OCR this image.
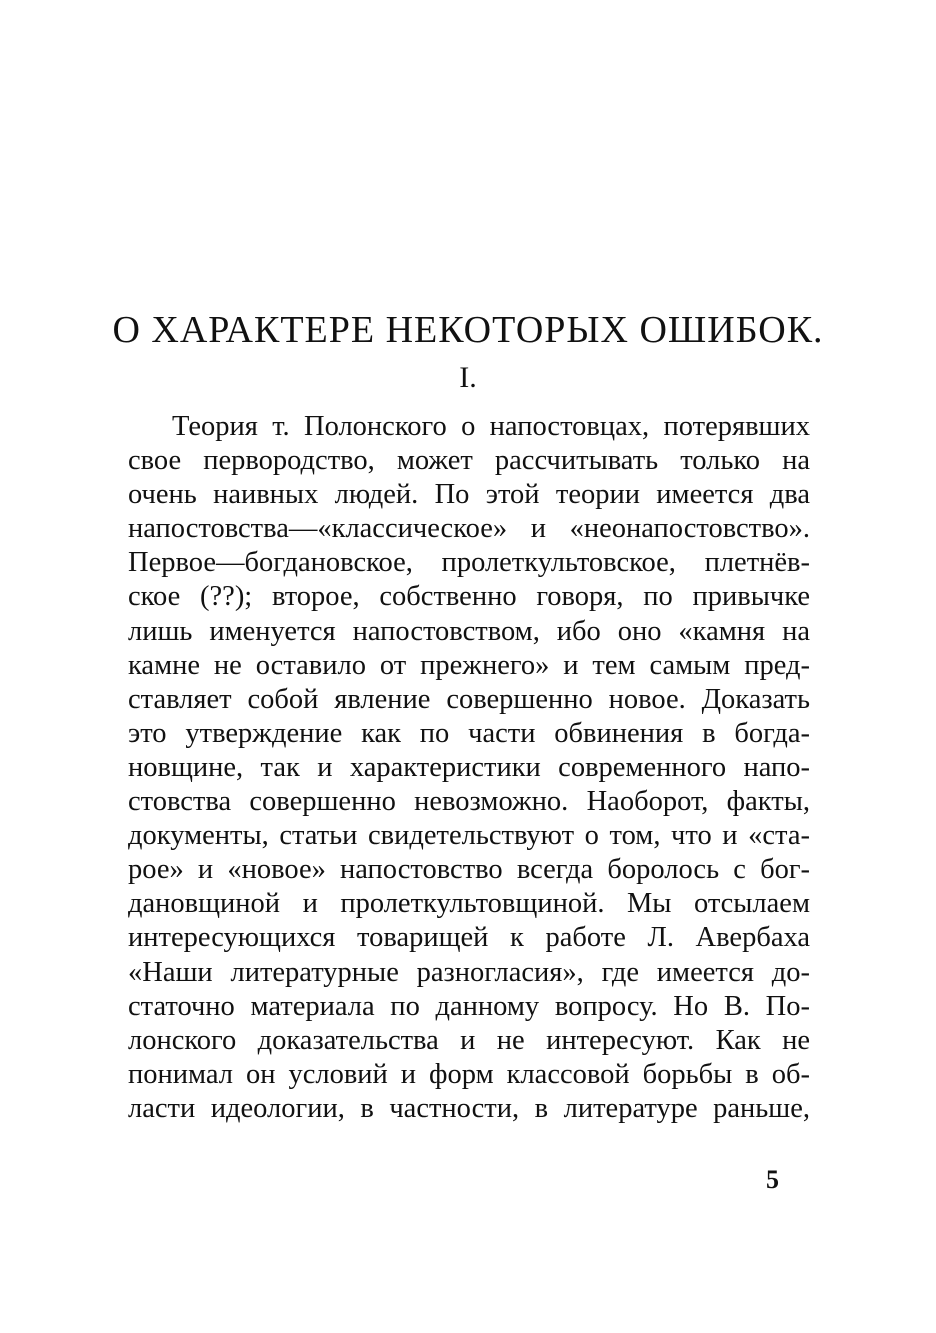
О ХАРАКТЕРЕ НЕКОТОРЫХ ОШИБОК.
I.
Теория т. Полонского о напостовцах, потерявших
свое первородство, может рассчитывать только на
очень наивных людей. По этой теории имеется два
напостовства—«классическое» и «неонапостовство».
Первое—богдановское, пролеткультовское, плетнёв-
ское (??); второе, собственно говоря, по привычке
лишь именуется напостовством, ибо оно «камня на
камне не оставило от прежнего» и тем самым пред-
ставляет собой явление совершенно новое. Доказать
это утверждение как по части обвинения в богда-
новщине, так и характеристики современного напо-
стовства совершенно невозможно. Наоборот, факты,
документы, статьи свидетельствуют о том, что и «ста-
рое» и «новое» напостовство всегда боролось с бог-
дановщиной и пролеткультовщиной. Мы отсылаем
интересующихся товарищей к работе Л. Авербаха
«Наши литературные разногласия», где имеется до-
статочно материала по данному вопросу. Но В. По-
лонского доказательства и не интересуют. Как не
понимал он условий и форм классовой борьбы в об-
ласти идеологии, в частности, в литературе раньше,
5
